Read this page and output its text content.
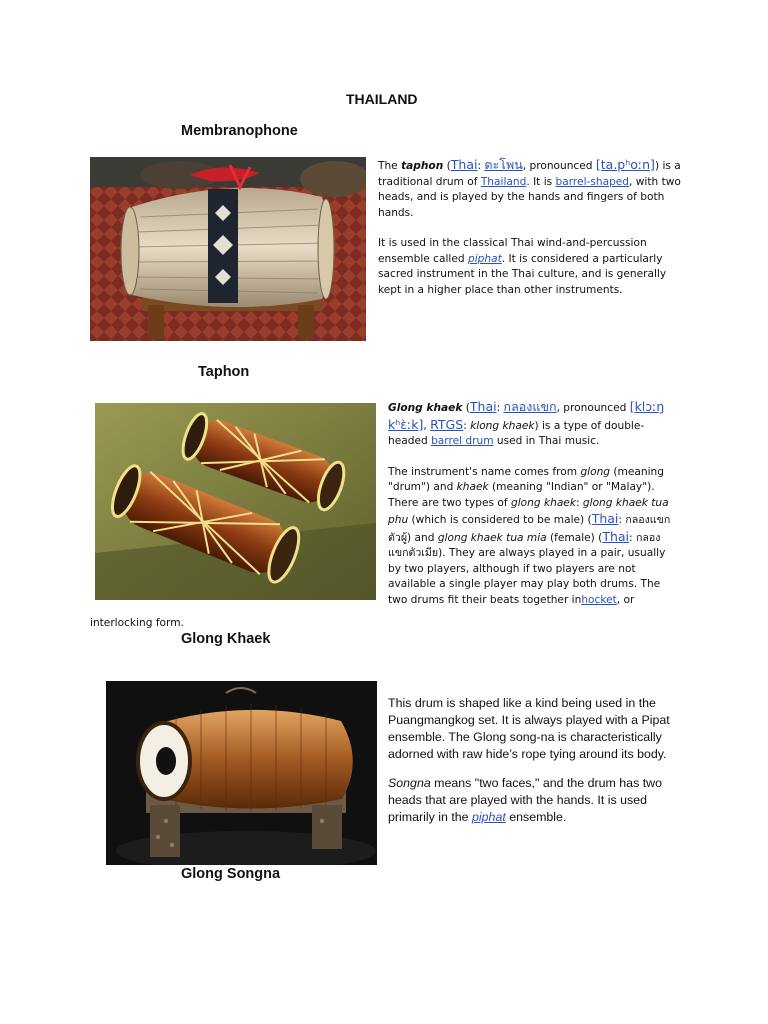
THAILAND
Membranophone

The taphon (Thai: ตะโพน, pronounced [ta.pʰoːn]) is a traditional drum of Thailand. It is barrel-shaped, with two heads, and is played by the hands and fingers of both hands.

It is used in the classical Thai wind-and-percussion ensemble called piphat. It is considered a particularly sacred instrument in the Thai culture, and is generally kept in a higher place than other instruments.

Taphon

Glong khaek (Thai: กลองแขก, pronounced [klɔːŋ kʰɛ̀ːk], RTGS: klong khaek) is a type of double-headed barrel drum used in Thai music.

The instrument's name comes from glong (meaning "drum") and khaek (meaning "Indian" or "Malay"). There are two types of glong khaek: glong khaek tua phu (which is considered to be male) (Thai: กลองแขกตัวผู้) and glong khaek tua mia (female) (Thai: กลองแขกตัวเมีย). They are always played in a pair, usually by two players, although if two players are not available a single player may play both drums. The two drums fit their beats together inhocket, or

interlocking form.
Glong Khaek

This drum is shaped like a kind being used in the Puangmangkog set. It is always played with a Pipat ensemble. The Glong song-na is characteristically adorned with raw hide’s rope tying around its body.

Songna means "two faces," and the drum has two heads that are played with the hands. It is used primarily in the piphat ensemble.

Glong Songna
